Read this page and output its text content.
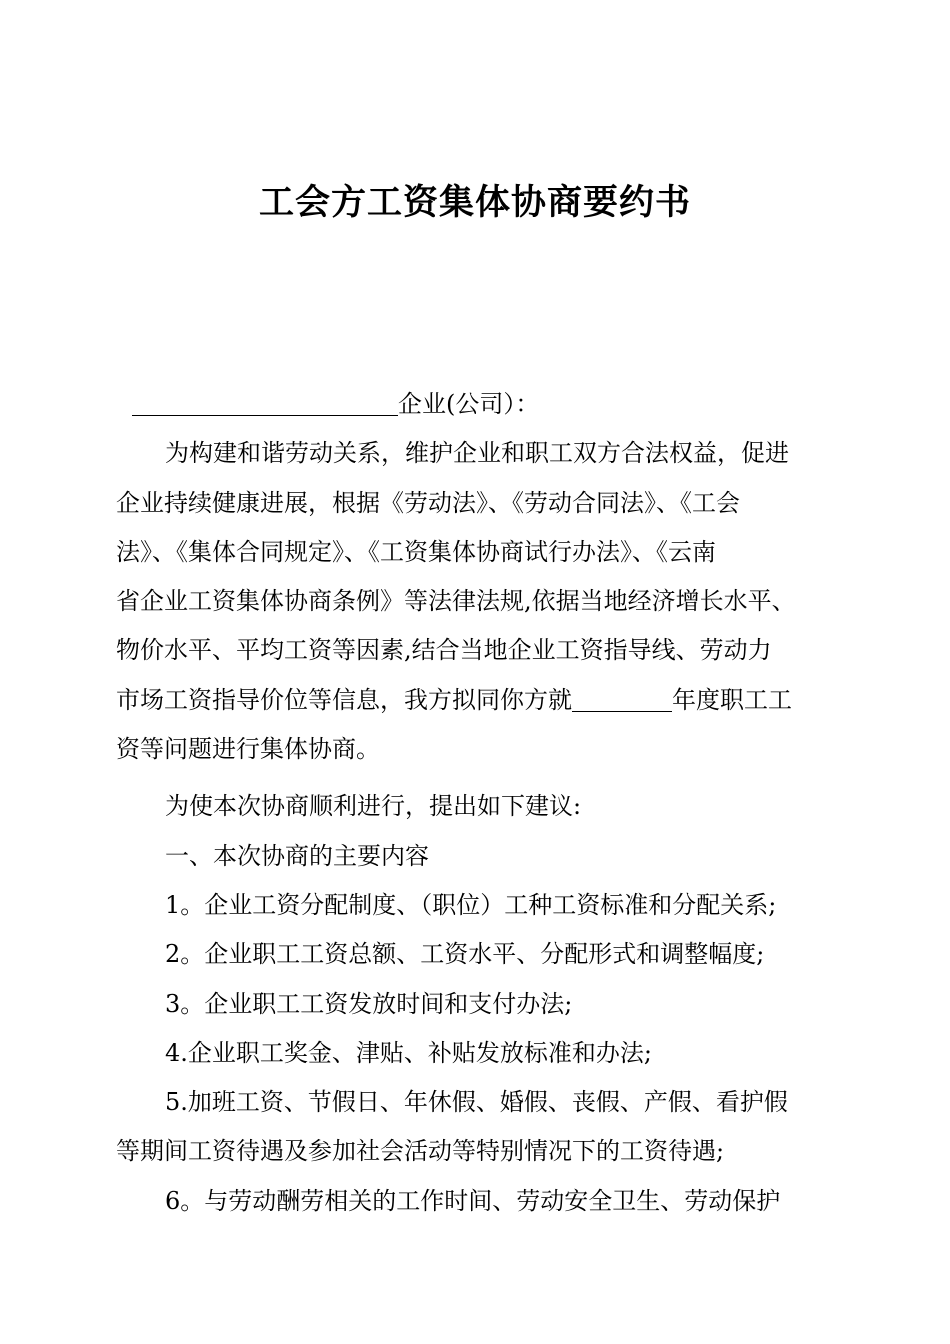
工会方工资集体协商要约书
企业(公司）：
为构建和谐劳动关系，维护企业和职工双方合法权益，促进
企业持续健康进展，根据《劳动法》、《劳动合同法》、《工会
法》、《集体合同规定》、《工资集体协商试行办法》、《云南
省企业工资集体协商条例》等法律法规,依据当地经济增长水平、
物价水平、平均工资等因素,结合当地企业工资指导线、劳动力
市场工资指导价位等信息，我方拟同你方就	年度职工工
资等问题进行集体协商。
为使本次协商顺利进行，提出如下建议:
一、本次协商的主要内容
1。企业工资分配制度、（职位）工种工资标准和分配关系;
2。企业职工工资总额、工资水平、分配形式和调整幅度;
3。企业职工工资发放时间和支付办法;
4.企业职工奖金、津贴、补贴发放标准和办法;
5.加班工资、节假日、年休假、婚假、丧假、产假、看护假
等期间工资待遇及参加社会活动等特别情况下的工资待遇;
6。与劳动酬劳相关的工作时间、劳动安全卫生、劳动保护
